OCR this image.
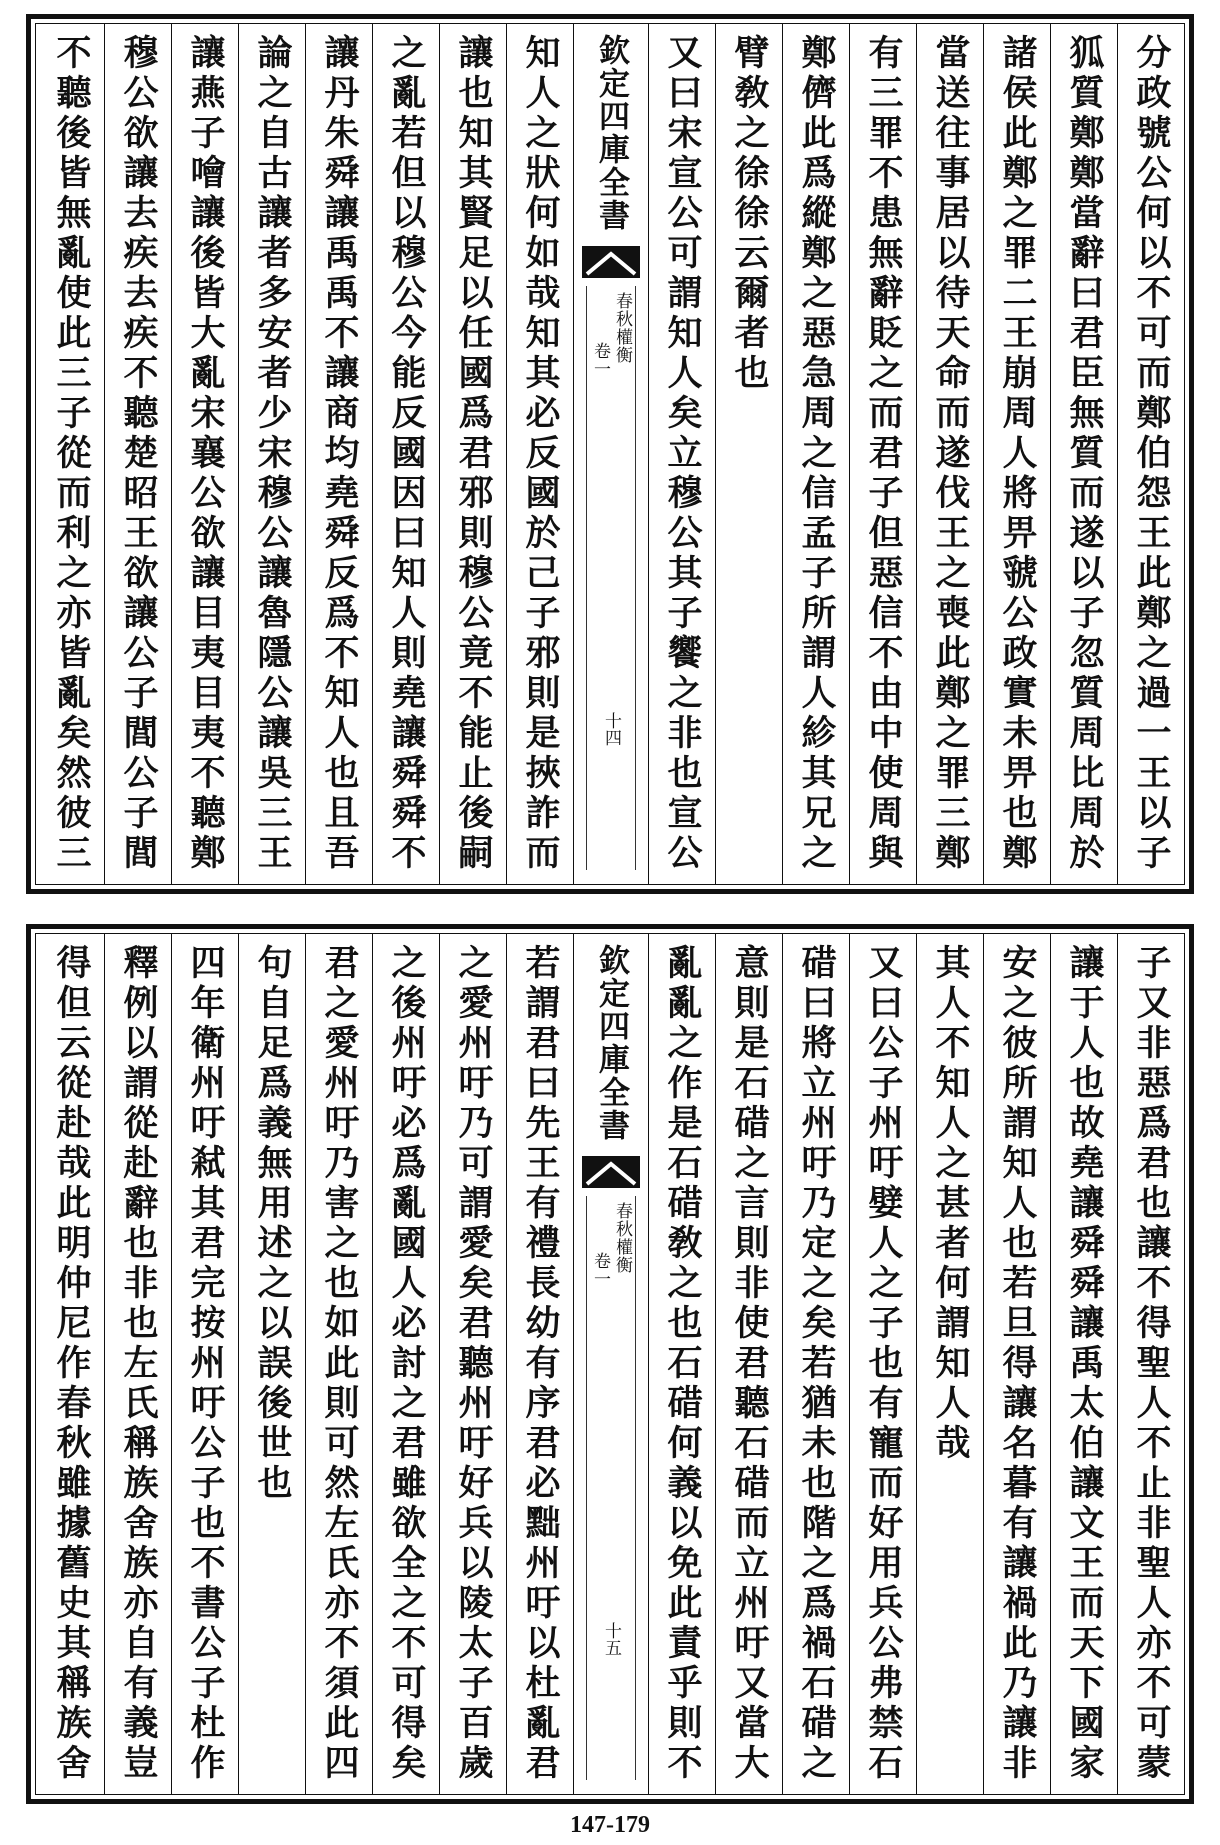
分政號公何以不可而鄭伯怨王此鄭之過一王以子
狐質鄭鄭當辭曰君臣無質而遂以子忽質周比周於
諸侯此鄭之罪二王崩周人將畀虢公政實未畀也鄭
當送往事居以待天命而遂伐王之喪此鄭之罪三鄭
有三罪不患無辭貶之而君子但惡信不由中使周與
鄭儕此爲縱鄭之惡急周之信孟子所謂人紾其兄之
臂敎之徐徐云爾者也
又曰宋宣公可謂知人矣立穆公其子饗之非也宣公
欽定四庫全書
春秋權衡
卷一
十四
知人之狀何如哉知其必反國於己子邪則是挾詐而
讓也知其賢足以任國爲君邪則穆公竟不能止後嗣
之亂若但以穆公今能反國因曰知人則堯讓舜舜不
讓丹朱舜讓禹禹不讓商均堯舜反爲不知人也且吾
論之自古讓者多安者少宋穆公讓魯隱公讓吳三王
讓燕子噲讓後皆大亂宋襄公欲讓目夷目夷不聽鄭
穆公欲讓去疾去疾不聽楚昭王欲讓公子閭公子閭
不聽後皆無亂使此三子從而利之亦皆亂矣然彼三
子又非惡爲君也讓不得聖人不止非聖人亦不可蒙
讓于人也故堯讓舜舜讓禹太伯讓文王而天下國家
安之彼所謂知人也若旦得讓名暮有讓禍此乃讓非
其人不知人之甚者何謂知人哉
又曰公子州吁嬖人之子也有寵而好用兵公弗禁石
碏曰將立州吁乃定之矣若猶未也階之爲禍石碏之
意則是石碏之言則非使君聽石碏而立州吁又當大
亂亂之作是石碏敎之也石碏何義以免此責乎則不
欽定四庫全書
春秋權衡
卷一
十五
若謂君曰先王有禮長幼有序君必黜州吁以杜亂君
之愛州吁乃可謂愛矣君聽州吁好兵以陵太子百歲
之後州吁必爲亂國人必討之君雖欲全之不可得矣
君之愛州吁乃害之也如此則可然左氏亦不須此四
句自足爲義無用述之以誤後世也
四年衛州吁弒其君完按州吁公子也不書公子杜作
釋例以謂從赴辭也非也左氏稱族舍族亦自有義豈
得但云從赴哉此明仲尼作春秋雖據舊史其稱族舍
147-179
